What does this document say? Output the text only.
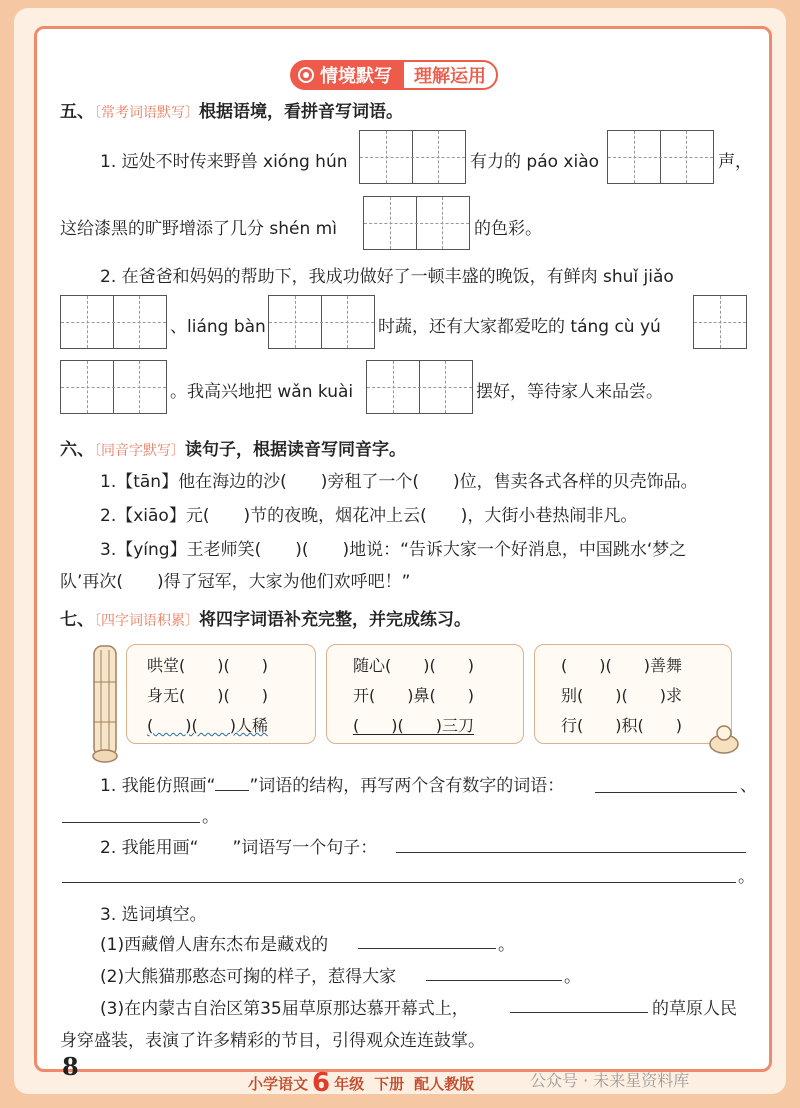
情境默写	理解运用
五、〔常考词语默写〕根据语境，看拼音写词语。
1. 远处不时传来野兽 xióng hún	有力的 páo xiào	声，
这给漆黑的旷野增添了几分 shén mì	的色彩。
2. 在爸爸和妈妈的帮助下，我成功做好了一顿丰盛的晚饭，有鲜肉 shuǐ jiǎo
、liáng bàn	时蔬，还有大家都爱吃的 táng cù yú
。我高兴地把 wǎn kuài	摆好，等待家人来品尝。
六、〔同音字默写〕读句子，根据读音写同音字。
1.【tān】他在海边的沙(　　)旁租了一个(　　)位，售卖各式各样的贝壳饰品。
2.【xiāo】元(　　)节的夜晚，烟花冲上云(　　)，大街小巷热闹非凡。
3.【yíng】王老师笑(　　)(　　)地说：“告诉大家一个好消息，中国跳水‘梦之
队’再次(　　)得了冠军，大家为他们欢呼吧！”
七、〔四字词语积累〕将四字词语补充完整，并完成练习。
哄堂(　　)(　　)
身无(　　)(　　)
(　　)(　　)人稀
随心(　　)(　　)
开(　　)鼻(　　)
(　　)(　　)三刀
(　　)(　　)善舞
别(　　)(　　)求
行(　　)积(　　)
1. 我能仿照画“ ”词语的结构，再写两个含有数字的词语：	、
。
2. 我能用画“ ”词语写一个句子：
。
3. 选词填空。
(1)西藏僧人唐东杰布是藏戏的	。
(2)大熊猫那憨态可掬的样子，惹得大家	。
(3)在内蒙古自治区第35届草原那达慕开幕式上，	的草原人民
身穿盛装，表演了许多精彩的节目，引得观众连连鼓掌。
8
小学语文 6 年级 下册 配人教版	公众号 · 未来星资料库
